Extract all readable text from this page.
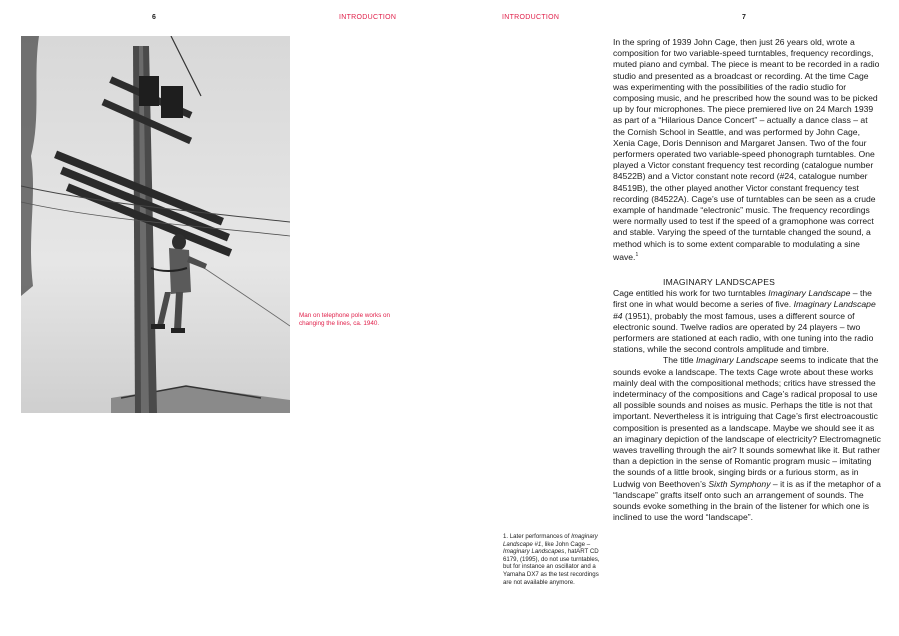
6	INTRODUCTION
Man on telephone pole works on changing the lines, ca. 1940.
INTRODUCTION	7

In the spring of 1939 John Cage, then just 26 years old, wrote a composition for two variable-speed turntables, frequency recordings, muted piano and cymbal. The piece is meant to be recorded in a radio studio and presented as a broadcast or recording. At the time Cage was experimenting with the possibilities of the radio studio for composing music, and he prescribed how the sound was to be picked up by four microphones. The piece premiered live on 24 March 1939 as part of a “Hilarious Dance Concert” – actually a dance class – at the Cornish School in Seattle, and was performed by John Cage, Xenia Cage, Doris Dennison and Margaret Jansen. Two of the four performers operated two variable-speed phonograph turntables. One played a Victor constant frequency test recording (catalogue number 84522B) and a Victor constant note record (#24, catalogue number 84519B), the other played another Victor constant frequency test recording (84522A). Cage’s use of turntables can be seen as a crude example of handmade “electronic” music. The frequency recordings were normally used to test if the speed of a gramophone was correct and stable. Varying the speed of the turntable changed the sound, a method which is to some extent comparable to modulating a sine wave.$^1$

IMAGINARY LANDSCAPES

Cage entitled his work for two turntables Imaginary Landscape – the first one in what would become a series of five. Imaginary Landscape #4 (1951), probably the most famous, uses a different source of electronic sound. Twelve radios are operated by 24 players – two performers are stationed at each radio, with one tuning into the radio stations, while the second controls amplitude and timbre.

The title Imaginary Landscape seems to indicate that the sounds evoke a landscape. The texts Cage wrote about these works mainly deal with the compositional methods; critics have stressed the indeterminacy of the compositions and Cage’s radical proposal to use all possible sounds and noises as music. Perhaps the title is not that important. Nevertheless it is intriguing that Cage’s first electroacoustic composition is presented as a landscape. Maybe we should see it as an imaginary depiction of the landscape of electricity? Electromagnetic waves travelling through the air? It sounds somewhat like it. But rather than a depiction in the sense of Romantic program music – imitating the sounds of a little brook, singing birds or a furious storm, as in Ludwig von Beethoven’s Sixth Symphony – it is as if the metaphor of a “landscape” grafts itself onto such an arrangement of sounds. The sounds evoke something in the brain of the listener for which one is inclined to use the word “landscape”.

1. Later performances of Imaginary Landscape #1, like John Cage – Imaginary Landscapes, hatART CD 6179, (1995), do not use turntables, but for instance an oscillator and a Yamaha DX7 as the test recordings are not available anymore.
